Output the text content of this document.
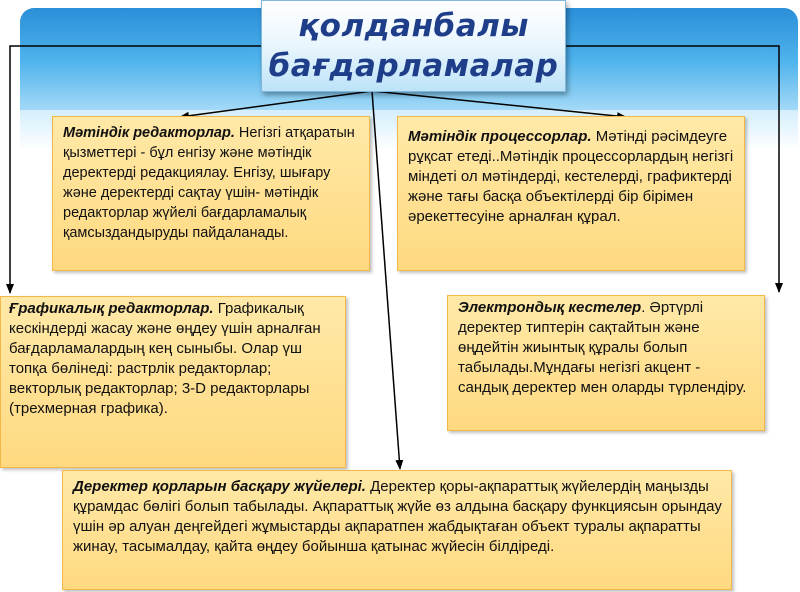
қолданбалы
бағдарламалар
Мәтіндік редакторлар. Негізгі атқаратын қызметтері - бұл енгізу және мәтіндік деректерді редакциялау. Енгізу, шығару және деректерді сақтау үшін- мәтіндік редакторлар жүйелі бағдарламалық қамсыздандыруды пайдаланады.
Мәтіндік процессорлар. Мәтінді рәсімдеуге рұқсат етеді..Мәтіндік процессорлардың негізгі міндеті ол мәтіндерді, кестелерді, графиктерді және тағы басқа объектілерді бір бірімен әрекеттесуіне арналған құрал.
Ғрафикалық редакторлар. Графикалық кескіндерді жасау және өңдеу үшін арналған бағдарламалардың кең сыныбы. Олар үш топқа бөлінеді: растрлік редакторлар; векторлық редакторлар; 3-D редакторлары (трехмерная графика).
Электрондық кестелер. Әртүрлі деректер типтерін сақтайтын және өңдейтін жиынтық құралы болып табылады.Мұндағы негізгі акцент - сандық деректер мен оларды түрлендіру.
Деректер қорларын басқару жүйелері. Деректер қоры-ақпараттық жүйелердің маңызды құрамдас бөлігі болып табылады. Ақпараттық жүйе өз алдына басқару функциясын орындау үшін әр алуан деңгейдегі жұмыстарды ақпаратпен жабдықтаған объект туралы ақпаратты жинау, тасымалдау, қайта өңдеу бойынша қатынас жүйесін білдіреді.
